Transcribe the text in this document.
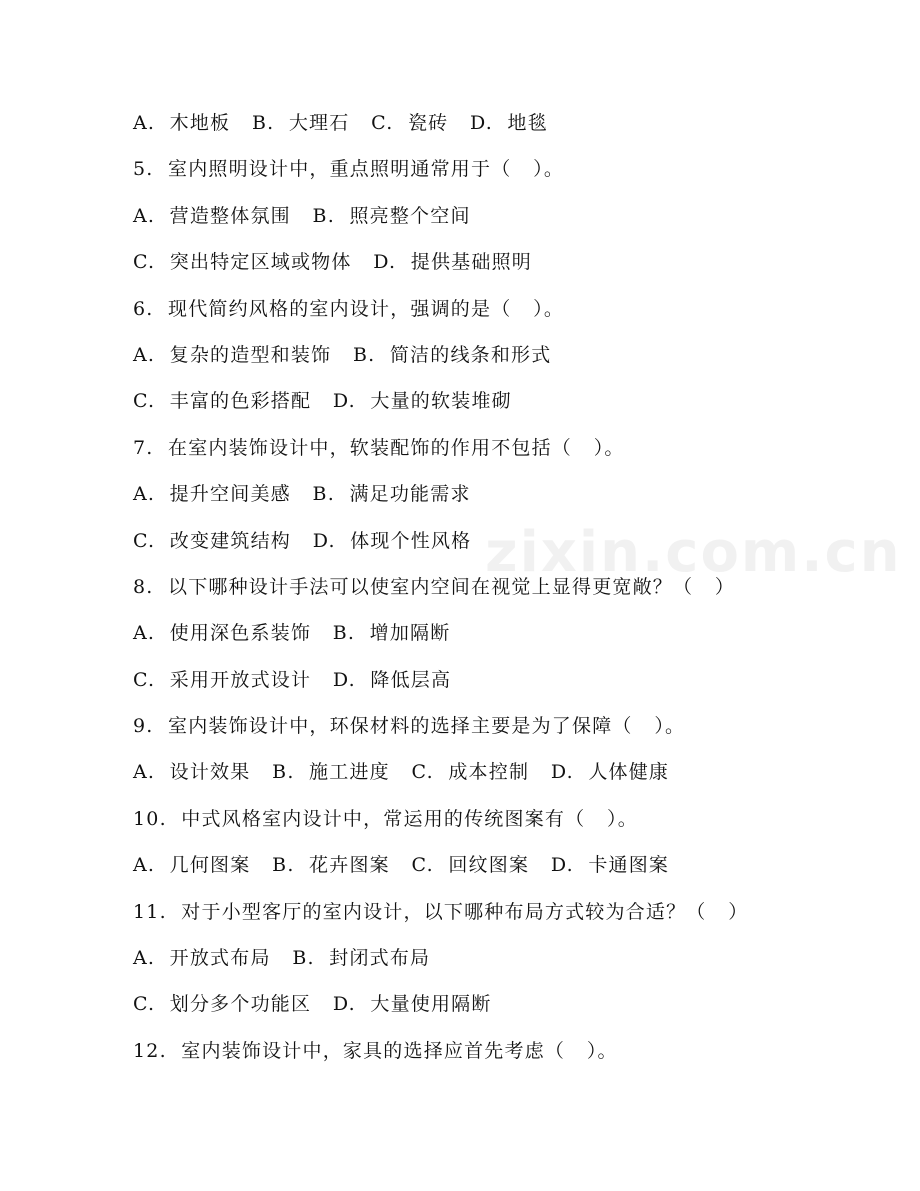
A.  木地板   B.  大理石   C.  瓷砖   D.  地毯
5.  室内照明设计中，重点照明通常用于（   ）。
A.  营造整体氛围   B.  照亮整个空间
C.  突出特定区域或物体   D.  提供基础照明
6.  现代简约风格的室内设计，强调的是（   ）。
A.  复杂的造型和装饰   B.  简洁的线条和形式
C.  丰富的色彩搭配   D.  大量的软装堆砌
7.  在室内装饰设计中，软装配饰的作用不包括（   ）。
A.  提升空间美感   B.  满足功能需求
C.  改变建筑结构   D.  体现个性风格
8.  以下哪种设计手法可以使室内空间在视觉上显得更宽敞？（   ）
A.  使用深色系装饰   B.  增加隔断
C.  采用开放式设计   D.  降低层高
9.  室内装饰设计中，环保材料的选择主要是为了保障（   ）。
A.  设计效果   B.  施工进度   C.  成本控制   D.  人体健康
10.  中式风格室内设计中，常运用的传统图案有（   ）。
A.  几何图案   B.  花卉图案   C.  回纹图案   D.  卡通图案
11.  对于小型客厅的室内设计，以下哪种布局方式较为合适？（   ）
A.  开放式布局   B.  封闭式布局
C.  划分多个功能区   D.  大量使用隔断
12.  室内装饰设计中，家具的选择应首先考虑（   ）。
zixin.com.cn
